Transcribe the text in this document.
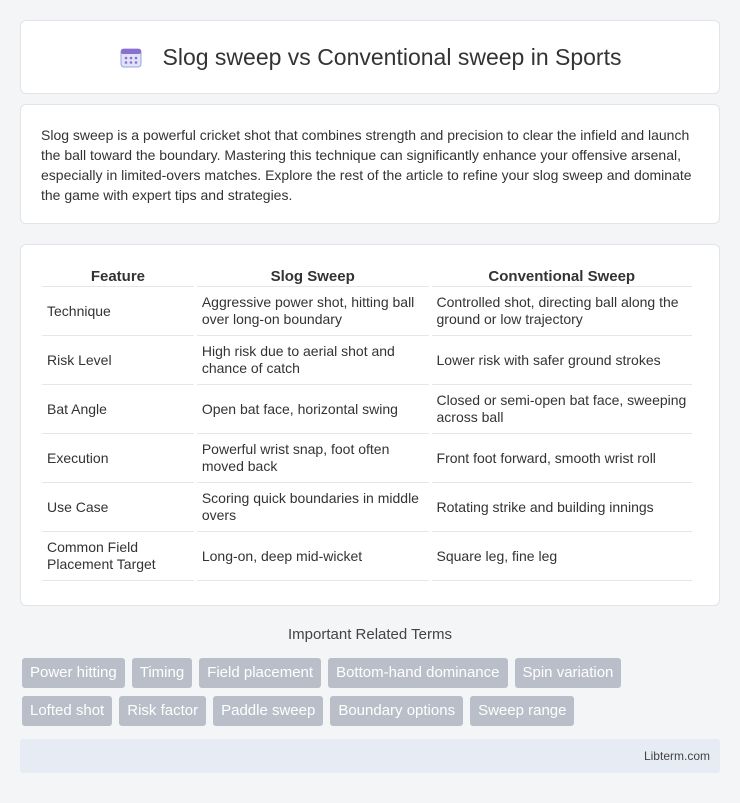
Slog sweep vs Conventional sweep in Sports

Slog sweep is a powerful cricket shot that combines strength and precision to clear the infield and launch the ball toward the boundary. Mastering this technique can significantly enhance your offensive arsenal, especially in limited-overs matches. Explore the rest of the article to refine your slog sweep and dominate the game with expert tips and strategies.

Feature	Slog Sweep	Conventional Sweep
Technique	Aggressive power shot, hitting ball over long-on boundary	Controlled shot, directing ball along the ground or low trajectory
Risk Level	High risk due to aerial shot and chance of catch	Lower risk with safer ground strokes
Bat Angle	Open bat face, horizontal swing	Closed or semi-open bat face, sweeping across ball
Execution	Powerful wrist snap, foot often moved back	Front foot forward, smooth wrist roll
Use Case	Scoring quick boundaries in middle overs	Rotating strike and building innings
Common Field Placement Target	Long-on, deep mid-wicket	Square leg, fine leg
Important Related Terms
Power hitting	Timing	Field placement	Bottom-hand dominance	Spin variation
Lofted shot	Risk factor	Paddle sweep	Boundary options	Sweep range
Libterm.com
